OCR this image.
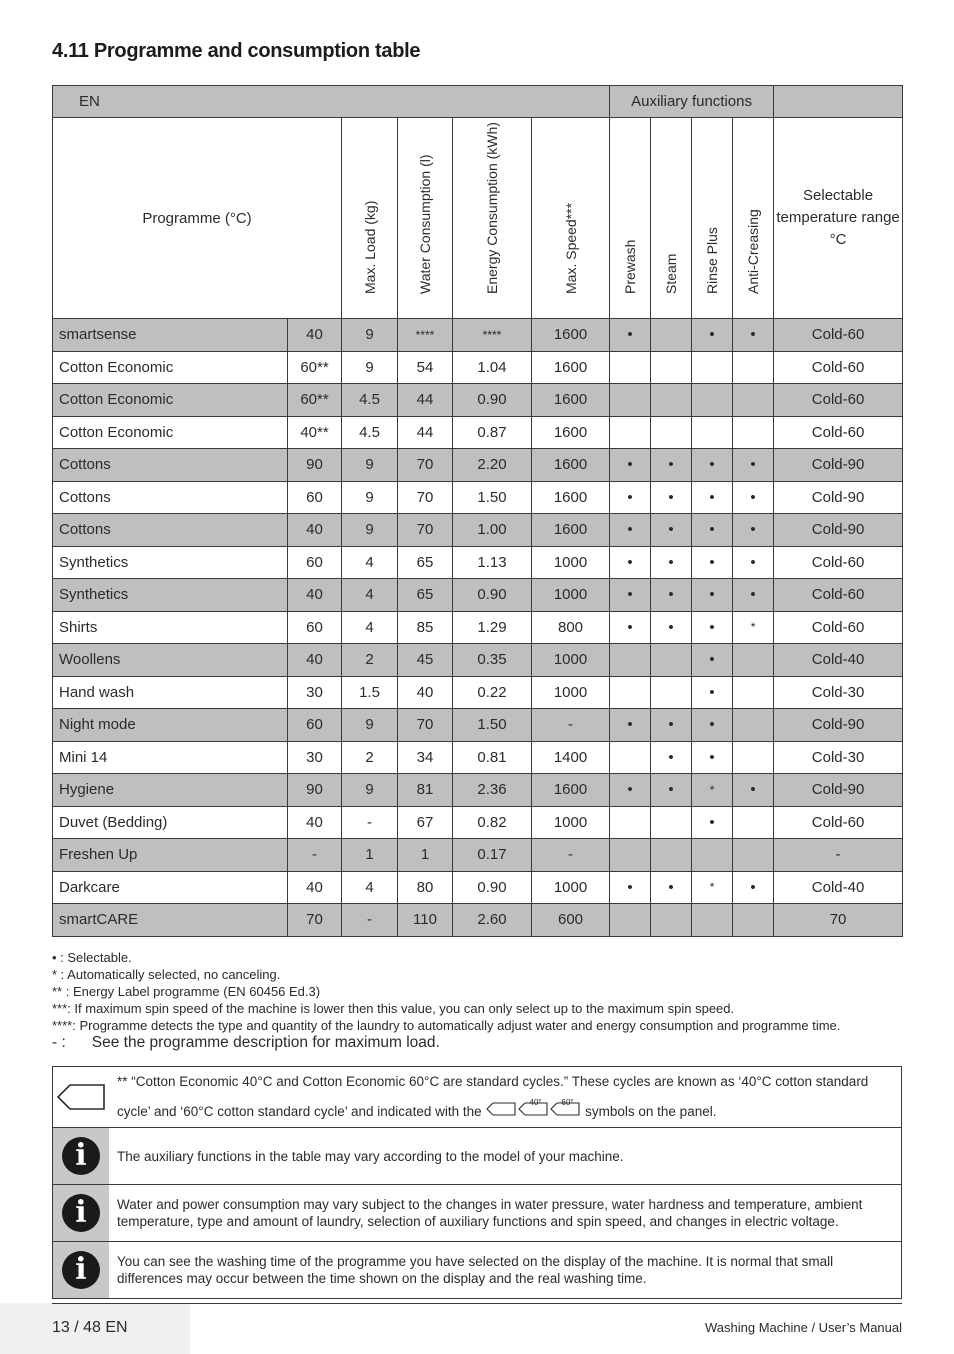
4.11 Programme and consumption table
EN						Auxiliary functions				
Programme (°C)		Max. Load (kg)	Water Consumption (l)	Energy Consumption (kWh)	Max. Speed***	Prewash	Steam	Rinse Plus	Anti-Creasing	Selectable temperature range °C
smartsense	40	9	****	****	1600	•		•	•	Cold-60
Cotton Economic	60**	9	54	1.04	1600					Cold-60
Cotton Economic	60**	4.5	44	0.90	1600					Cold-60
Cotton Economic	40**	4.5	44	0.87	1600					Cold-60
Cottons	90	9	70	2.20	1600	•	•	•	•	Cold-90
Cottons	60	9	70	1.50	1600	•	•	•	•	Cold-90
Cottons	40	9	70	1.00	1600	•	•	•	•	Cold-90
Synthetics	60	4	65	1.13	1000	•	•	•	•	Cold-60
Synthetics	40	4	65	0.90	1000	•	•	•	•	Cold-60
Shirts	60	4	85	1.29	800	•	•	•	*	Cold-60
Woollens	40	2	45	0.35	1000			•		Cold-40
Hand wash	30	1.5	40	0.22	1000			•		Cold-30
Night mode	60	9	70	1.50	-	•	•	•		Cold-90
Mini 14	30	2	34	0.81	1400		•	•		Cold-30
Hygiene	90	9	81	2.36	1600	•	•	*	•	Cold-90
Duvet (Bedding)	40	-	67	0.82	1000			•		Cold-60
Freshen Up	-	1	1	0.17	-					-
Darkcare	40	4	80	0.90	1000	•	•	*	•	Cold-40
smartCARE	70	-	110	2.60	600					70
• : Selectable.
* : Automatically selected, no canceling.
** : Energy Label programme (EN 60456 Ed.3)
***: If maximum spin speed of the machine is lower then this value, you can only select up to the maximum spin speed.
****: Programme detects the type and quantity of the laundry to automatically adjust water and energy consumption and programme time.
- : See the programme description for maximum load.

** “Cotton Economic 40°C and Cotton Economic 60°C are standard cycles.” These cycles are known as ‘40°C cotton standard
cycle’ and ‘60°C cotton standard cycle’ and indicated with the
40° 60°
symbols on the panel.

i	The auxiliary functions in the table may vary according to the model of your machine.
i	Water and power consumption may vary subject to the changes in water pressure, water hardness and temperature, ambient temperature, type and amount of laundry, selection of auxiliary functions and spin speed, and changes in electric voltage.
i	You can see the washing time of the programme you have selected on the display of the machine. It is normal that small differences may occur between the time shown on the display and the real washing time.
13 / 48 EN	Washing Machine / User’s Manual
